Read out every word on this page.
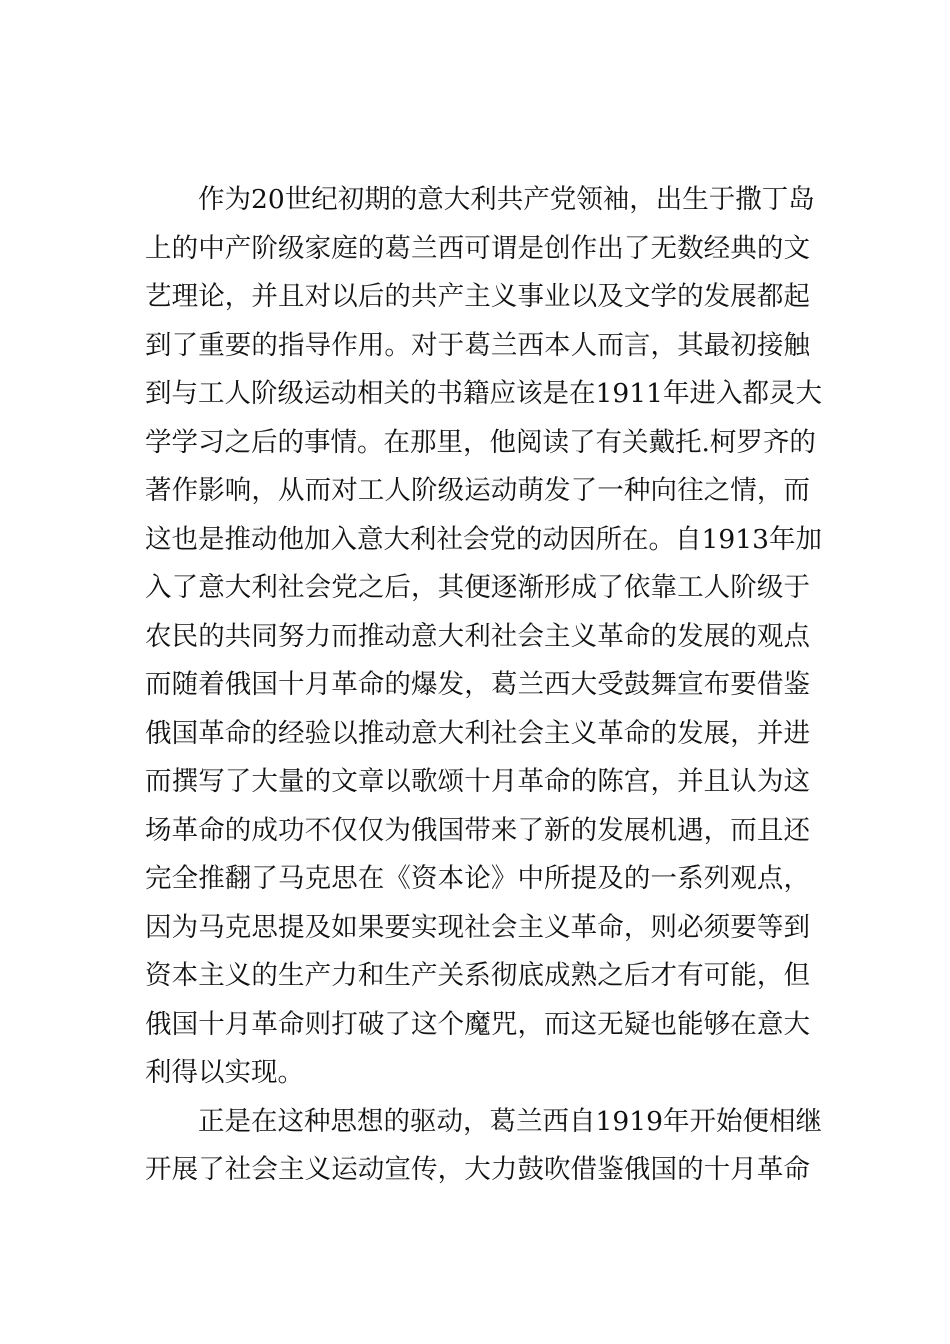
作为20世纪初期的意大利共产党领袖，出生于撒丁岛
上的中产阶级家庭的葛兰西可谓是创作出了无数经典的文
艺理论，并且对以后的共产主义事业以及文学的发展都起
到了重要的指导作用。对于葛兰西本人而言，其最初接触
到与工人阶级运动相关的书籍应该是在1911年进入都灵大
学学习之后的事情。在那里，他阅读了有关戴托.柯罗齐的
著作影响，从而对工人阶级运动萌发了一种向往之情，而
这也是推动他加入意大利社会党的动因所在。自1913年加
入了意大利社会党之后，其便逐渐形成了依靠工人阶级于
农民的共同努力而推动意大利社会主义革命的发展的观点
而随着俄国十月革命的爆发，葛兰西大受鼓舞宣布要借鉴
俄国革命的经验以推动意大利社会主义革命的发展，并进
而撰写了大量的文章以歌颂十月革命的陈宫，并且认为这
场革命的成功不仅仅为俄国带来了新的发展机遇，而且还
完全推翻了马克思在《资本论》中所提及的一系列观点，
因为马克思提及如果要实现社会主义革命，则必须要等到
资本主义的生产力和生产关系彻底成熟之后才有可能，但
俄国十月革命则打破了这个魔咒，而这无疑也能够在意大
利得以实现。
正是在这种思想的驱动，葛兰西自1919年开始便相继
开展了社会主义运动宣传，大力鼓吹借鉴俄国的十月革命
